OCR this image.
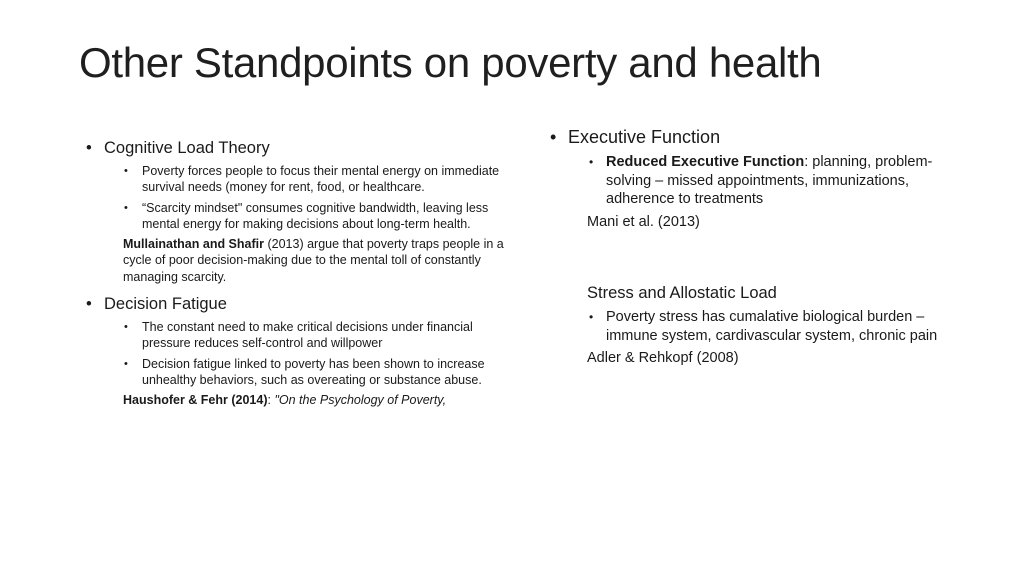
Other Standpoints on poverty and health
• Cognitive Load Theory
• Poverty forces people to focus their mental energy on immediate survival needs (money for rent, food, or healthcare.
• “Scarcity mindset" consumes cognitive bandwidth, leaving less mental energy for making decisions about long-term health.
Mullainathan and Shafir (2013) argue that poverty traps people in a cycle of poor decision-making due to the mental toll of constantly managing scarcity.
• Decision Fatigue
• The constant need to make critical decisions under financial pressure reduces self-control and willpower
• Decision fatigue linked to poverty has been shown to increase unhealthy behaviors, such as overeating or substance abuse.
Haushofer & Fehr (2014): "On the Psychology of Poverty,
• Executive Function
• Reduced Executive Function: planning, problem-solving – missed appointments, immunizations, adherence to treatments
Mani et al. (2013)
Stress and Allostatic Load
• Poverty stress has cumalative biological burden – immune system, cardivascular system, chronic pain
Adler & Rehkopf (2008)
